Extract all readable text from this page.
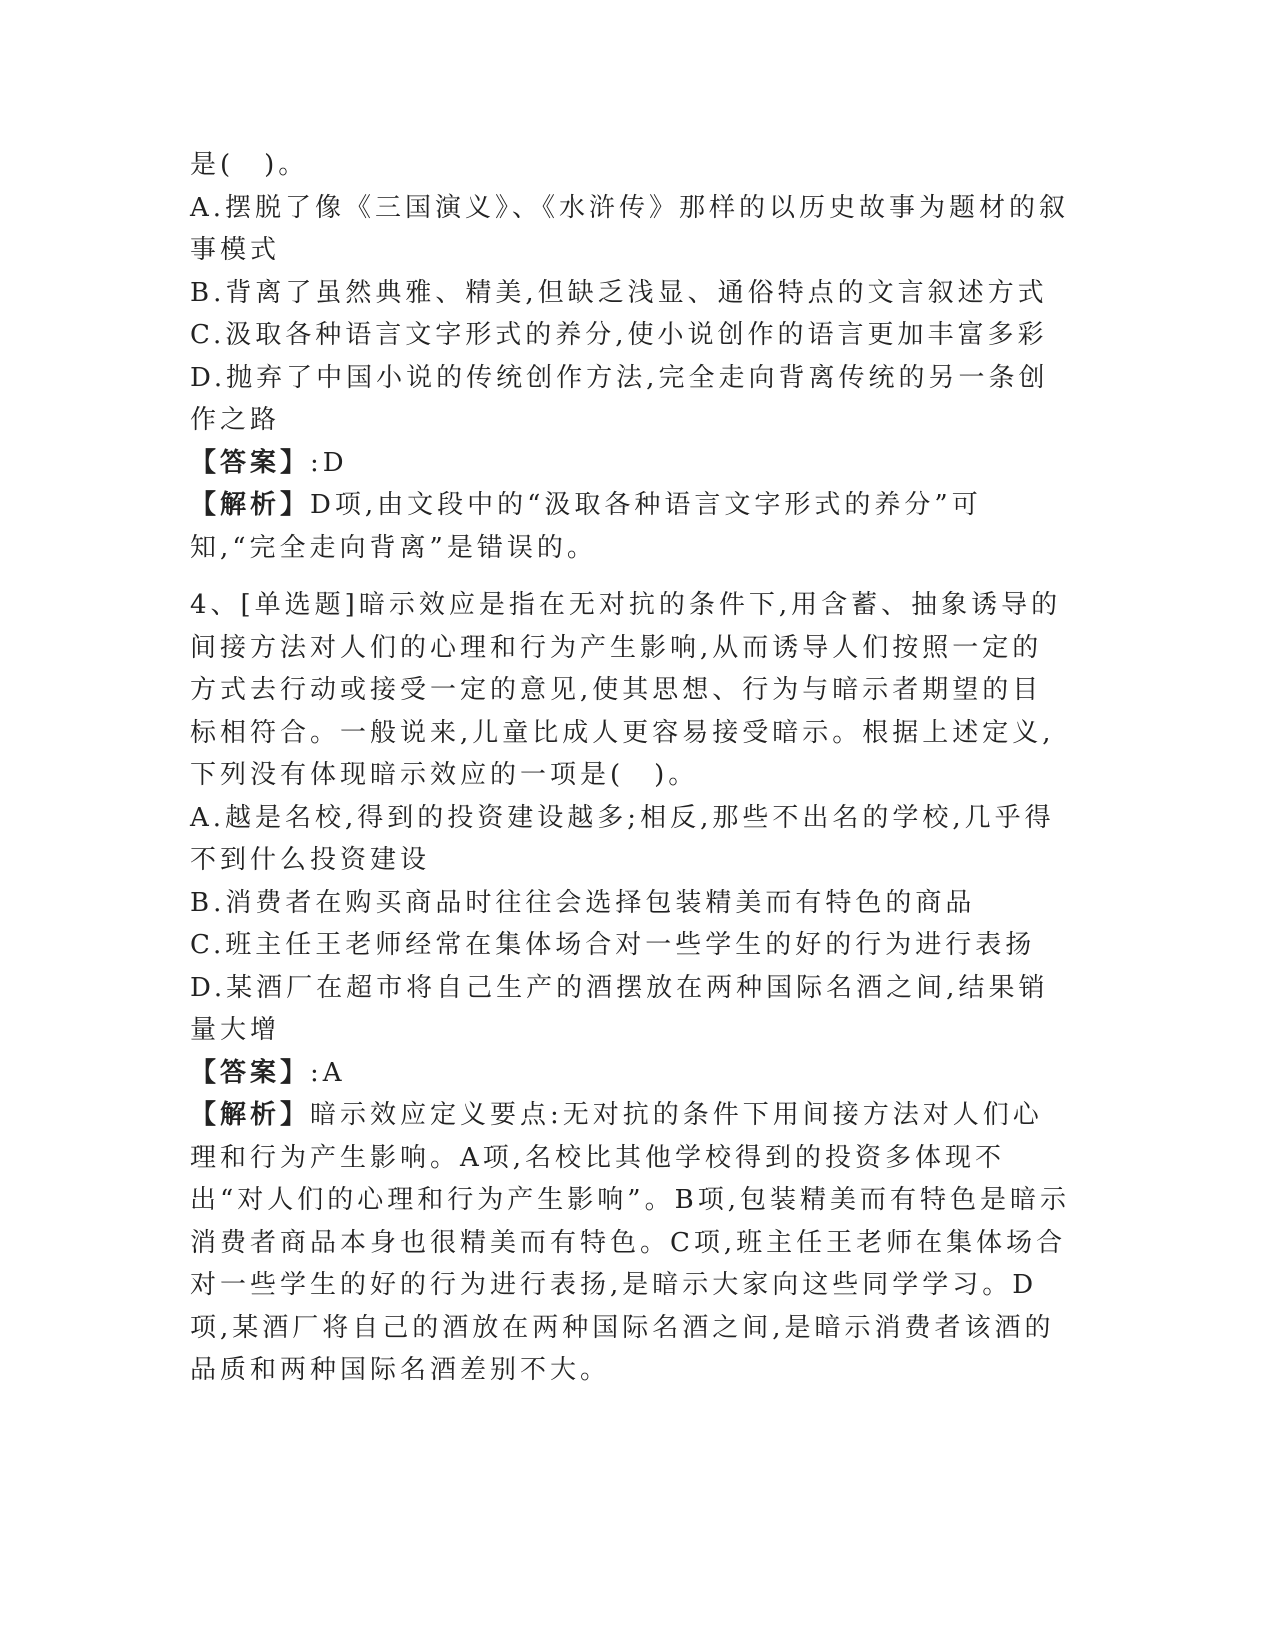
是(　)。
A.摆脱了像《三国演义》、《水浒传》那样的以历史故事为题材的叙事模式
B.背离了虽然典雅、精美,但缺乏浅显、通俗特点的文言叙述方式
C.汲取各种语言文字形式的养分,使小说创作的语言更加丰富多彩
D.抛弃了中国小说的传统创作方法,完全走向背离传统的另一条创作之路
【答案】:D
【解析】D项,由文段中的“汲取各种语言文字形式的养分”可知,“完全走向背离”是错误的。
4、[单选题]暗示效应是指在无对抗的条件下,用含蓄、抽象诱导的间接方法对人们的心理和行为产生影响,从而诱导人们按照一定的方式去行动或接受一定的意见,使其思想、行为与暗示者期望的目标相符合。一般说来,儿童比成人更容易接受暗示。根据上述定义,下列没有体现暗示效应的一项是(　)。
A.越是名校,得到的投资建设越多;相反,那些不出名的学校,几乎得不到什么投资建设
B.消费者在购买商品时往往会选择包装精美而有特色的商品
C.班主任王老师经常在集体场合对一些学生的好的行为进行表扬
D.某酒厂在超市将自己生产的酒摆放在两种国际名酒之间,结果销量大增
【答案】:A
【解析】暗示效应定义要点:无对抗的条件下用间接方法对人们心理和行为产生影响。A项,名校比其他学校得到的投资多体现不出“对人们的心理和行为产生影响”。B项,包装精美而有特色是暗示消费者商品本身也很精美而有特色。C项,班主任王老师在集体场合对一些学生的好的行为进行表扬,是暗示大家向这些同学学习。D项,某酒厂将自己的酒放在两种国际名酒之间,是暗示消费者该酒的品质和两种国际名酒差别不大。
